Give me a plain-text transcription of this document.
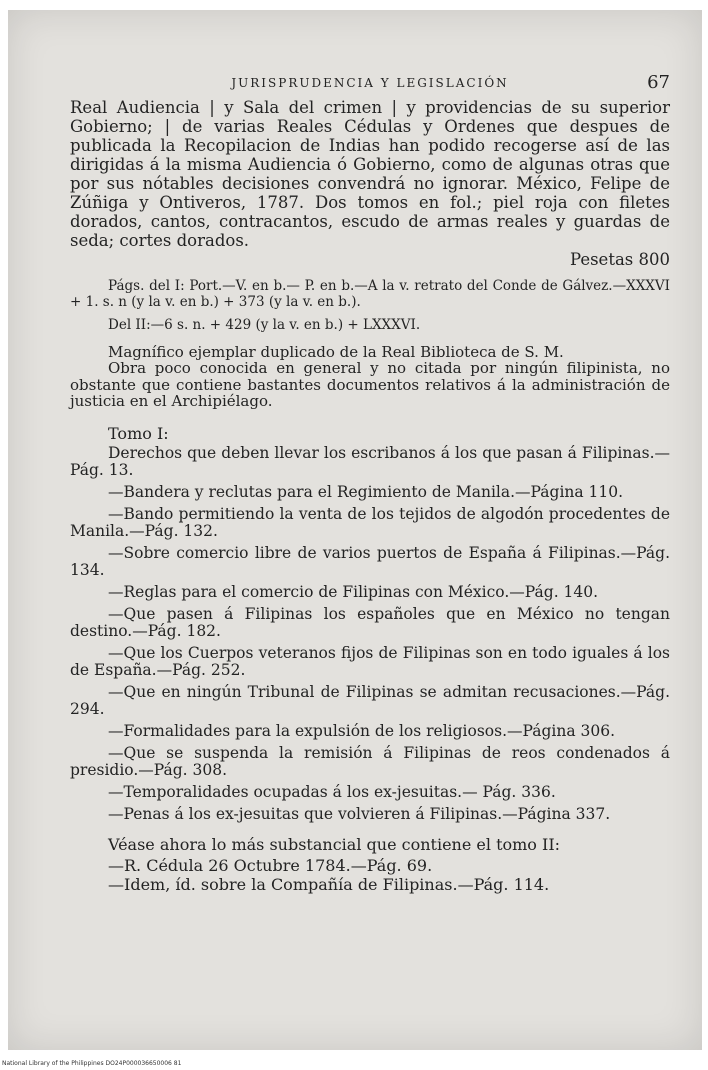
JURISPRUDENCIA Y LEGISLACIÓN	67

Real Audiencia | y Sala del crimen | y providencias de su superior Gobierno; | de varias Reales Cédulas y Ordenes que despues de publicada la Recopilacion de Indias han podido recogerse así de las dirigidas á la misma Audiencia ó Gobierno, como de algunas otras que por sus nótables decisiones convendrá no ignorar. México, Felipe de Zúñiga y Ontiveros, 1787. Dos tomos en fol.; piel roja con filetes dorados, cantos, contracantos, escudo de armas reales y guardas de seda; cortes dorados.

Pesetas 800

Págs. del I: Port.—V. en b.— P. en b.—A la v. retrato del Conde de Gálvez.—XXXVI + 1. s. n (y la v. en b.) + 373 (y la v. en b.).

Del II:—6 s. n. + 429 (y la v. en b.) + LXXXVI.

Magnífico ejemplar duplicado de la Real Biblioteca de S. M.

Obra poco conocida en general y no citada por ningún filipinista, no obstante que contiene bastantes documentos relativos á la administración de justicia en el Archipiélago.

Tomo I:

Derechos que deben llevar los escribanos á los que pasan á Filipinas.—Pág. 13.
—Bandera y reclutas para el Regimiento de Manila.—Página 110.
—Bando permitiendo la venta de los tejidos de algodón procedentes de Manila.—Pág. 132.
—Sobre comercio libre de varios puertos de España á Filipinas.—Pág. 134.
—Reglas para el comercio de Filipinas con México.—Pág. 140.
—Que pasen á Filipinas los españoles que en México no tengan destino.—Pág. 182.
—Que los Cuerpos veteranos fijos de Filipinas son en todo iguales á los de España.—Pág. 252.
—Que en ningún Tribunal de Filipinas se admitan recusaciones.—Pág. 294.
—Formalidades para la expulsión de los religiosos.—Página 306.
—Que se suspenda la remisión á Filipinas de reos condenados á presidio.—Pág. 308.
—Temporalidades ocupadas á los ex-jesuitas.— Pág. 336.
—Penas á los ex-jesuitas que volvieren á Filipinas.—Página 337.

Véase ahora lo más substancial que contiene el tomo II:

—R. Cédula 26 Octubre 1784.—Pág. 69.
—Idem, íd. sobre la Compañía de Filipinas.—Pág. 114.
National Library of the Philippines DO24P000036650006 81
